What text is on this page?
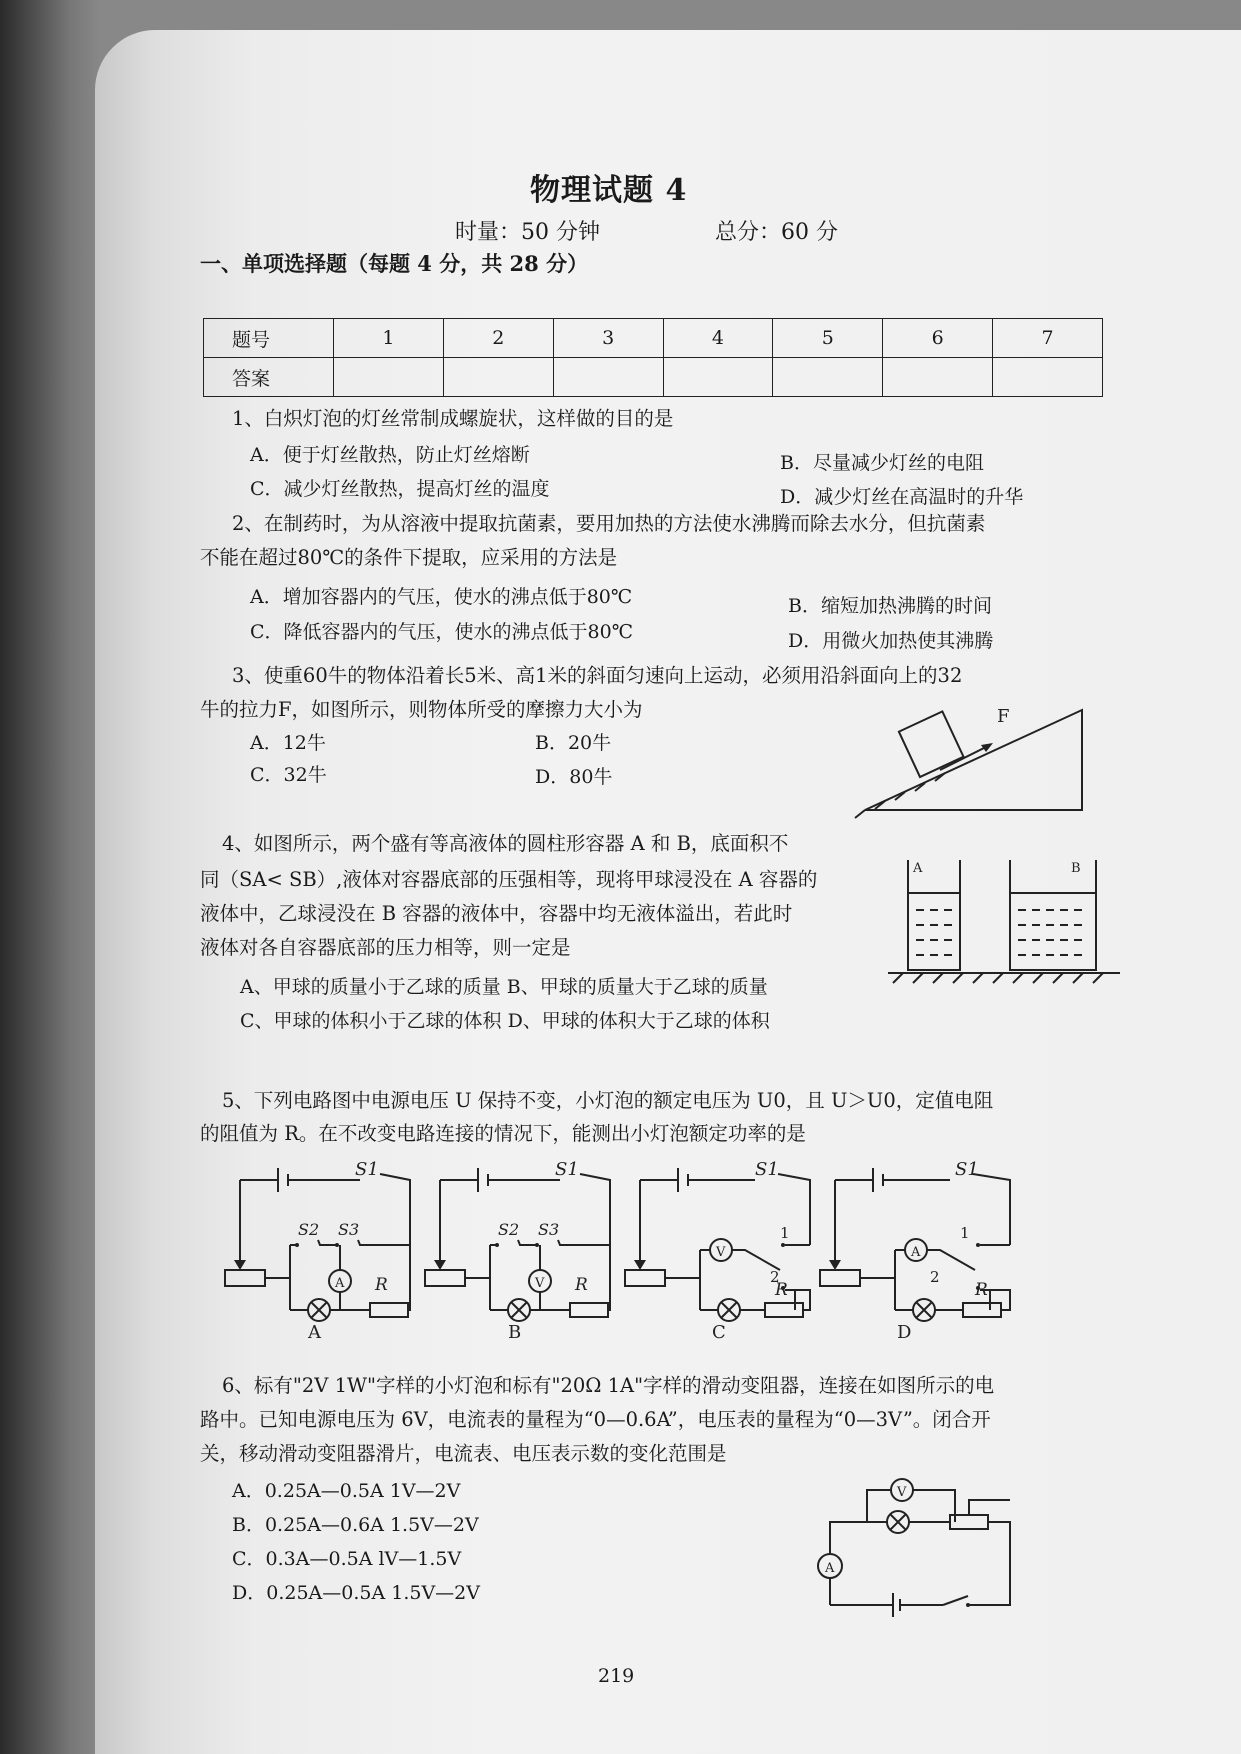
物理试题 4
时量：50 分钟	总分：60 分
一、单项选择题（每题 4 分，共 28 分）
题号	1	2	3	4	5	6	7
答案							
1、白炽灯泡的灯丝常制成螺旋状，这样做的目的是
A．便于灯丝散热，防止灯丝熔断	B．尽量减少灯丝的电阻
C．减少灯丝散热，提高灯丝的温度	D．减少灯丝在高温时的升华
2、在制药时，为从溶液中提取抗菌素，要用加热的方法使水沸腾而除去水分，但抗菌素
不能在超过80℃的条件下提取，应采用的方法是
A．增加容器内的气压，使水的沸点低于80℃	B．缩短加热沸腾的时间
C．降低容器内的气压，使水的沸点低于80℃	D．用微火加热使其沸腾
3、使重60牛的物体沿着长5米、高1米的斜面匀速向上运动，必须用沿斜面向上的32
牛的拉力F，如图所示，则物体所受的摩擦力大小为
A．12牛	B．20牛
C．32牛	D．80牛
F
4、如图所示，两个盛有等高液体的圆柱形容器 A 和 B，底面积不
同（SA< SB）,液体对容器底部的压强相等，现将甲球浸没在 A 容器的
液体中，乙球浸没在 B 容器的液体中，容器中均无液体溢出，若此时
液体对各自容器底部的压力相等，则一定是
A、甲球的质量小于乙球的质量 B、甲球的质量大于乙球的质量
C、甲球的体积小于乙球的体积 D、甲球的体积大于乙球的体积
A	B
5、下列电路图中电源电压 U 保持不变，小灯泡的额定电压为 U0，且 U＞U0，定值电阻
的阻值为 R。在不改变电路连接的情况下，能测出小灯泡额定功率的是
A
S1
S2 S3
R
A
V
S1
S2 S3
R
B
V
S1
1
2
R
C
A
S1
1
2
R
D
6、标有"2V 1W"字样的小灯泡和标有"20Ω 1A"字样的滑动变阻器，连接在如图所示的电
路中。已知电源电压为 6V，电流表的量程为“0—0.6A”，电压表的量程为“0—3V”。闭合开
关，移动滑动变阻器滑片，电流表、电压表示数的变化范围是
A．0.25A—0.5A 1V—2V
B．0.25A—0.6A 1.5V—2V
C．0.3A—0.5A lV—1.5V
D．0.25A—0.5A 1.5V—2V
V
A
219
